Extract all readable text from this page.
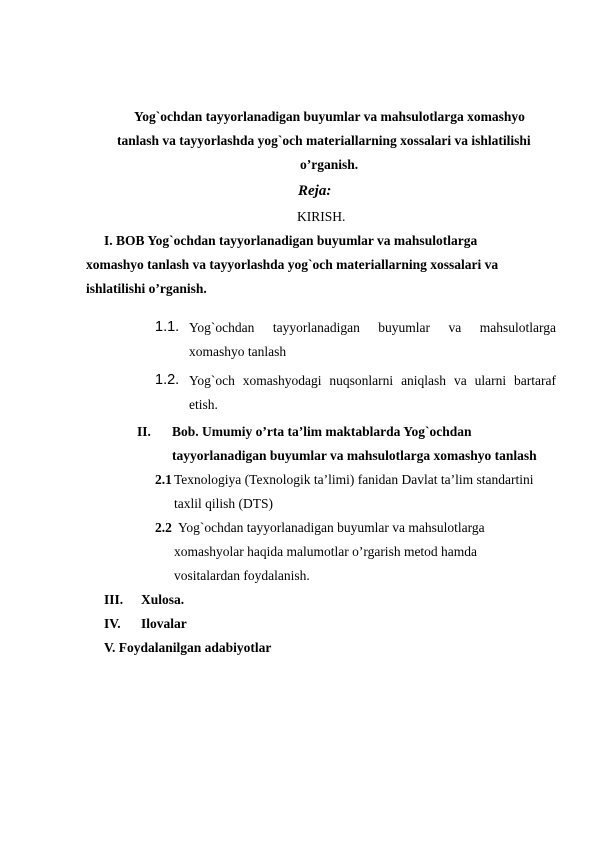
Yog`ochdan tayyorlanadigan buyumlar va mahsulotlarga xomashyo
tanlash va tayyorlashda yog`och materiallarning xossalari va ishlatilishi
o’rganish.
Reja:
KIRISH.
I. BOB Yog`ochdan tayyorlanadigan buyumlar va mahsulotlarga
xomashyo tanlash va tayyorlashda yog`och materiallarning xossalari va
ishlatilishi o’rganish.
1.1. Yog`ochdan tayyorlanadigan buyumlar va mahsulotlarga
xomashyo tanlash
1.2. Yog`och xomashyodagi nuqsonlarni aniqlash va ularni bartaraf
etish.
II. Bob. Umumiy o’rta ta’lim maktablarda Yog`ochdan
tayyorlanadigan buyumlar va mahsulotlarga xomashyo tanlash
2.1 Texnologiya (Texnologik ta’limi) fanidan Davlat ta’lim standartini
taxlil qilish (DTS)
2.2 Yog`ochdan tayyorlanadigan buyumlar va mahsulotlarga
xomashyolar haqida malumotlar o’rgarish metod hamda
vositalardan foydalanish.
III. Xulosa.
IV. Ilovalar
V. Foydalanilgan adabiyotlar
